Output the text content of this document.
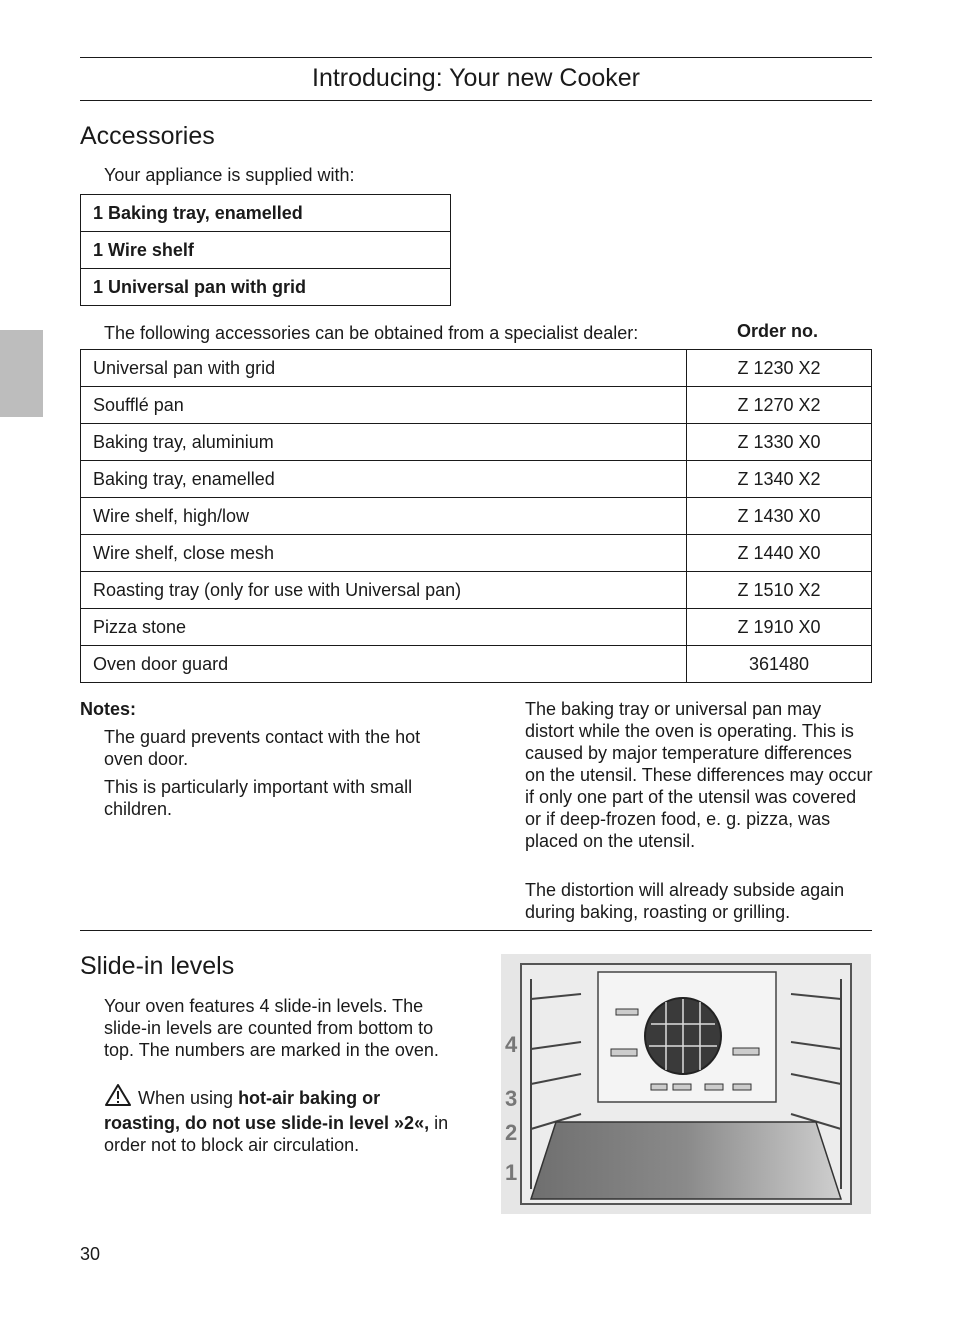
Introducing: Your new Cooker
Accessories
Your appliance is supplied with:
1 Baking tray, enamelled
1 Wire shelf
1 Universal pan with grid
The following accessories can be obtained from a specialist dealer:	Order no.
Universal pan with grid	Z 1230 X2
Soufflé pan	Z 1270 X2
Baking tray, aluminium	Z 1330 X0
Baking tray, enamelled	Z 1340 X2
Wire shelf, high/low	Z 1430 X0
Wire shelf, close mesh	Z 1440 X0
Roasting tray (only for use with Universal pan)	Z 1510 X2
Pizza stone	Z 1910 X0
Oven door guard	361480
Notes:
The guard prevents contact with the hot oven door.
This is particularly important with small children.
The baking tray or universal pan may distort while the oven is operating. This is caused by major temperature differences on the utensil. These differences may occur if only one part of the utensil was covered or if deep-frozen food, e. g. pizza, was placed on the utensil.
The distortion will already subside again during baking, roasting or grilling.
Slide-in levels
Your oven features 4 slide-in levels. The slide-in levels are counted from bottom to top. The numbers are marked in the oven.
When using hot-air baking or roasting, do not use slide-in level »2«, in order not to block air circulation.
4
3
2
1
30
